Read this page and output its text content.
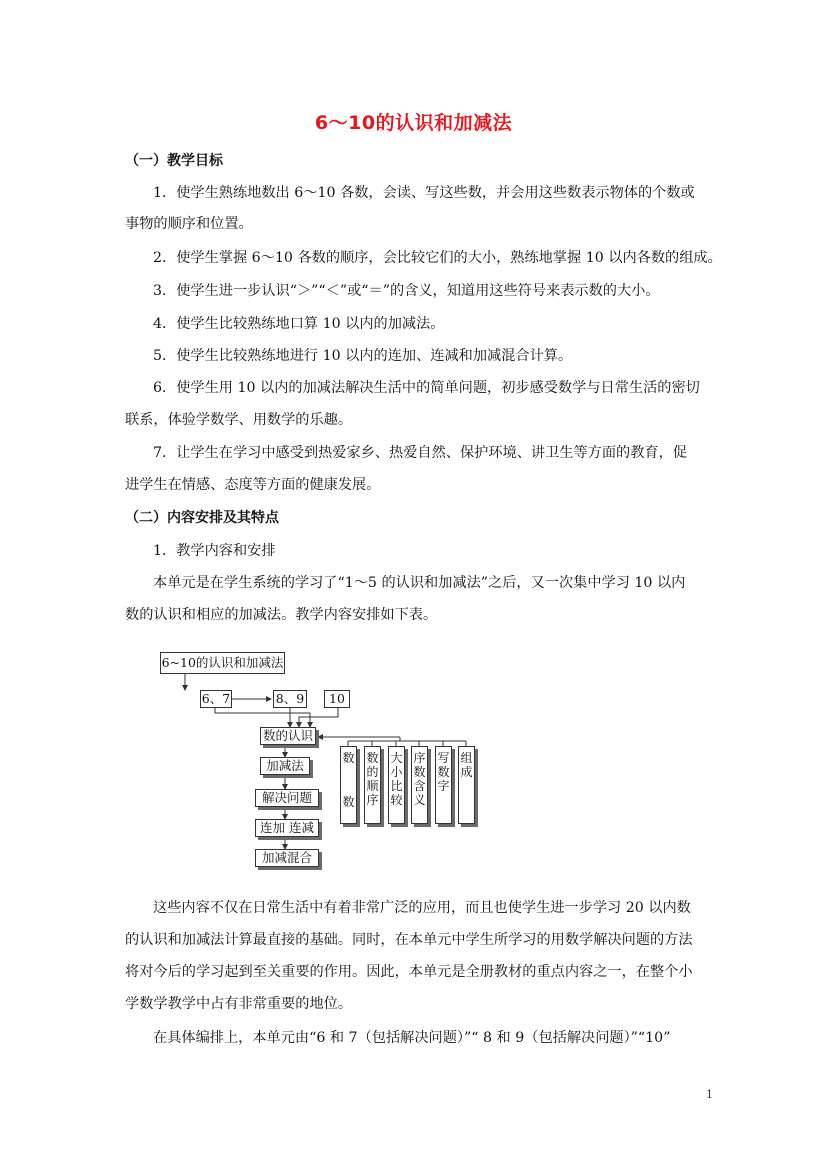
6～10的认识和加减法
（一）教学目标
1．使学生熟练地数出 6～10 各数，会读、写这些数，并会用这些数表示物体的个数或
事物的顺序和位置。
2．使学生掌握 6～10 各数的顺序，会比较它们的大小，熟练地掌握 10 以内各数的组成。
3．使学生进一步认识“＞”“＜”或“＝”的含义，知道用这些符号来表示数的大小。
4．使学生比较熟练地口算 10 以内的加减法。
5．使学生比较熟练地进行 10 以内的连加、连减和加减混合计算。
6．使学生用 10 以内的加减法解决生活中的简单问题，初步感受数学与日常生活的密切
联系，体验学数学、用数学的乐趣。
7．让学生在学习中感受到热爱家乡、热爱自然、保护环境、讲卫生等方面的教育，促
进学生在情感、态度等方面的健康发展。
（二）内容安排及其特点
1．教学内容和安排
本单元是在学生系统的学习了“1～5 的认识和加减法”之后，又一次集中学习 10 以内
数的认识和相应的加减法。教学内容安排如下表。
6~10的认识和加减法
6、7	8、9	10
数的认识
加减法
解决问题
连加 连减
加减混合
数
数
数
的
顺
序
大
小
比
较
序
数
含
义
写
数
字
组
成
这些内容不仅在日常生活中有着非常广泛的应用，而且也使学生进一步学习 20 以内数
的认识和加减法计算最直接的基础。同时，在本单元中学生所学习的用数学解决问题的方法
将对今后的学习起到至关重要的作用。因此，本单元是全册教材的重点内容之一，在整个小
学数学教学中占有非常重要的地位。
在具体编排上，本单元由“6 和 7（包括解决问题）”“ 8 和 9（包括解决问题）”“10”
1
